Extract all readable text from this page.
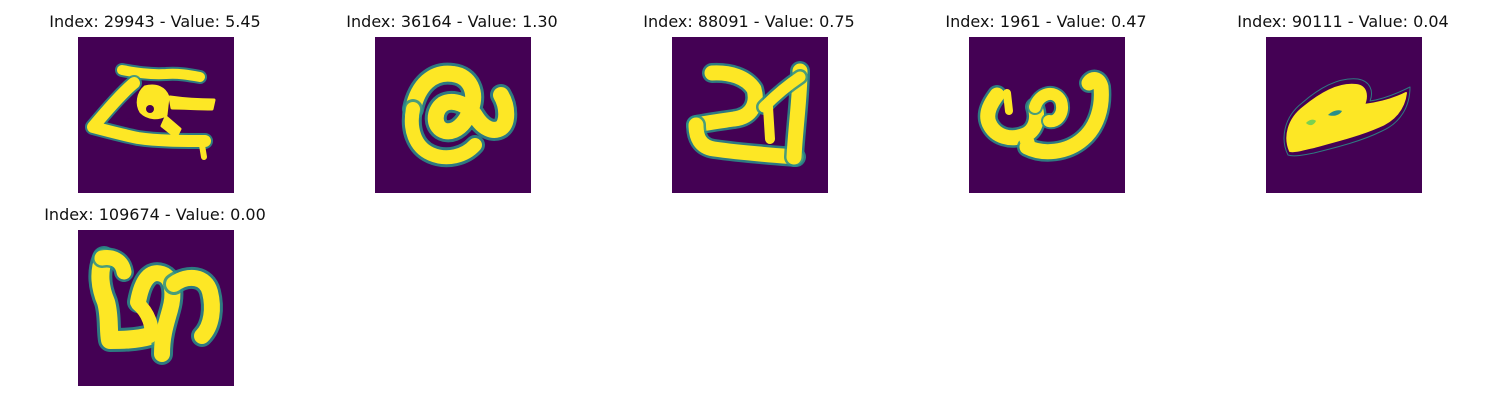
Index: 29943 - Value: 5.45	Index: 36164 - Value: 1.30	Index: 88091 - Value: 0.75	Index: 1961 - Value: 0.47	Index: 90111 - Value: 0.04
Index: 109674 - Value: 0.00
